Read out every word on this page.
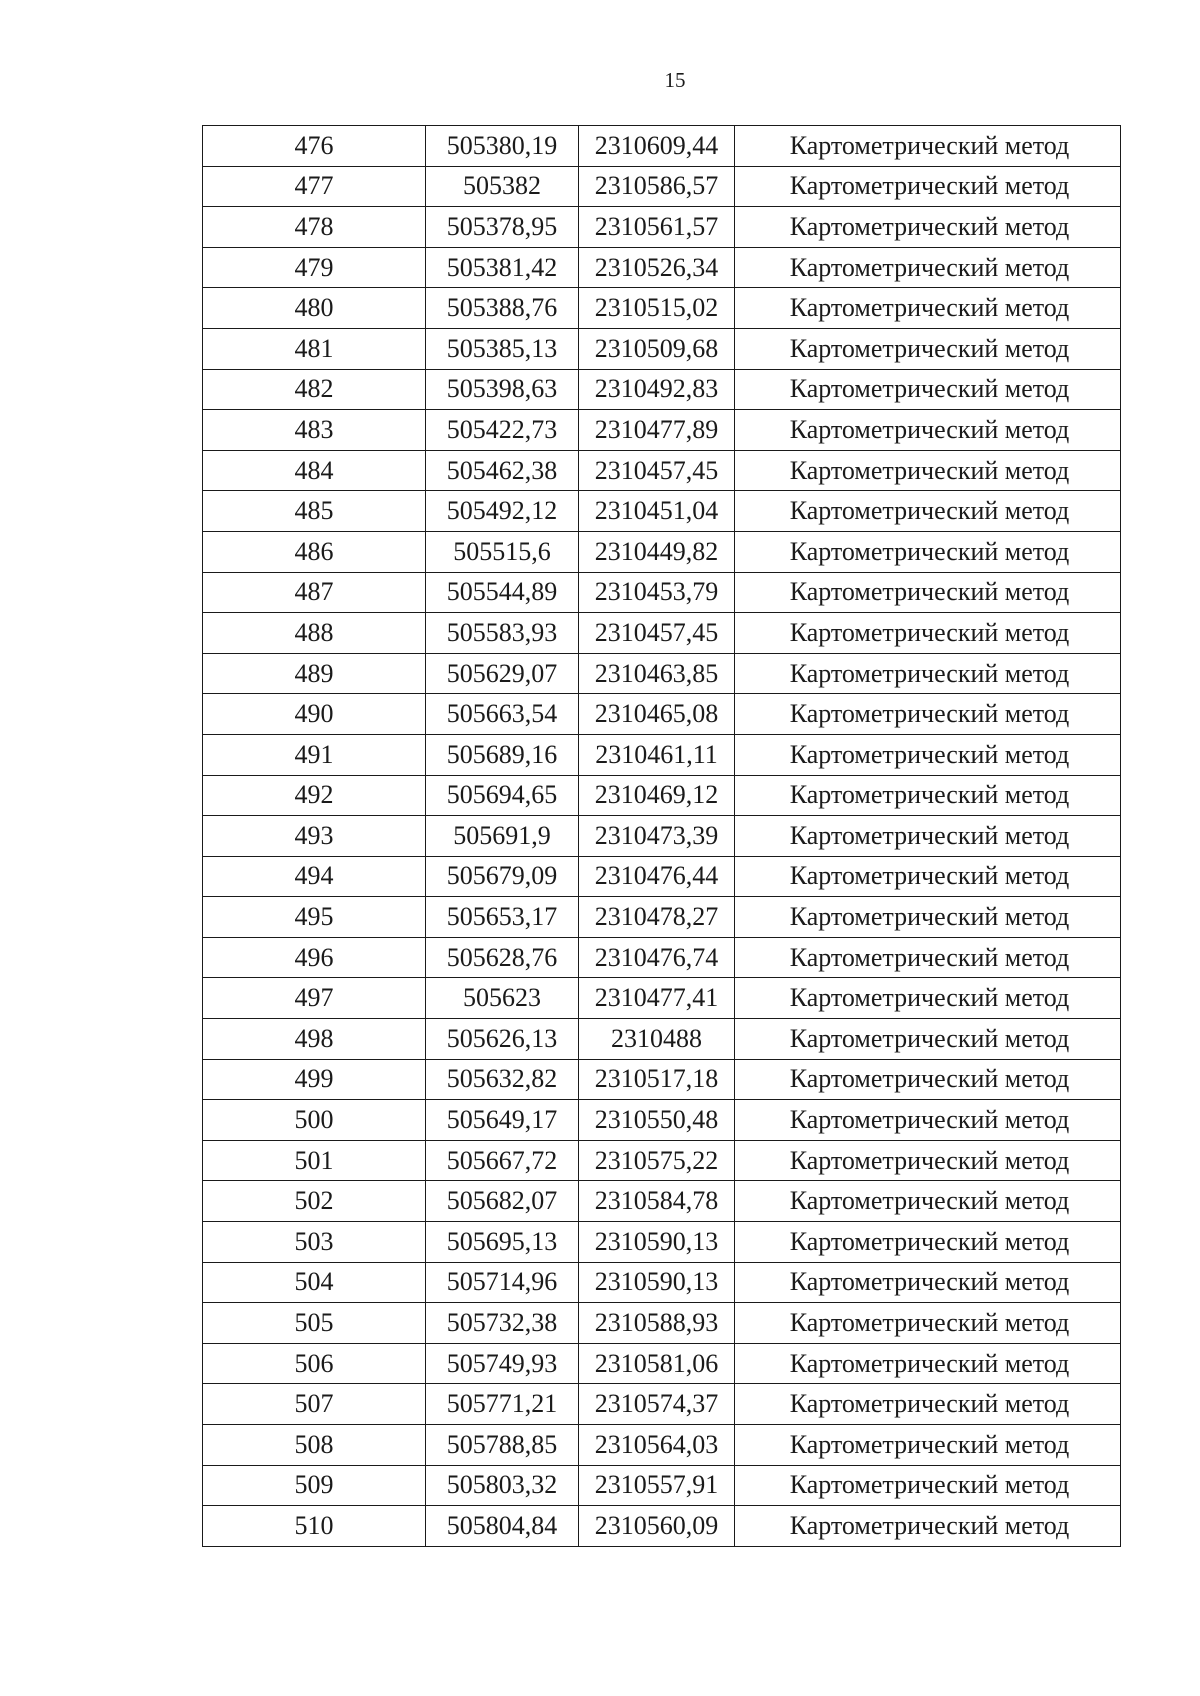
15
476	505380,19	2310609,44	Картометрический метод
477	505382	2310586,57	Картометрический метод
478	505378,95	2310561,57	Картометрический метод
479	505381,42	2310526,34	Картометрический метод
480	505388,76	2310515,02	Картометрический метод
481	505385,13	2310509,68	Картометрический метод
482	505398,63	2310492,83	Картометрический метод
483	505422,73	2310477,89	Картометрический метод
484	505462,38	2310457,45	Картометрический метод
485	505492,12	2310451,04	Картометрический метод
486	505515,6	2310449,82	Картометрический метод
487	505544,89	2310453,79	Картометрический метод
488	505583,93	2310457,45	Картометрический метод
489	505629,07	2310463,85	Картометрический метод
490	505663,54	2310465,08	Картометрический метод
491	505689,16	2310461,11	Картометрический метод
492	505694,65	2310469,12	Картометрический метод
493	505691,9	2310473,39	Картометрический метод
494	505679,09	2310476,44	Картометрический метод
495	505653,17	2310478,27	Картометрический метод
496	505628,76	2310476,74	Картометрический метод
497	505623	2310477,41	Картометрический метод
498	505626,13	2310488	Картометрический метод
499	505632,82	2310517,18	Картометрический метод
500	505649,17	2310550,48	Картометрический метод
501	505667,72	2310575,22	Картометрический метод
502	505682,07	2310584,78	Картометрический метод
503	505695,13	2310590,13	Картометрический метод
504	505714,96	2310590,13	Картометрический метод
505	505732,38	2310588,93	Картометрический метод
506	505749,93	2310581,06	Картометрический метод
507	505771,21	2310574,37	Картометрический метод
508	505788,85	2310564,03	Картометрический метод
509	505803,32	2310557,91	Картометрический метод
510	505804,84	2310560,09	Картометрический метод
